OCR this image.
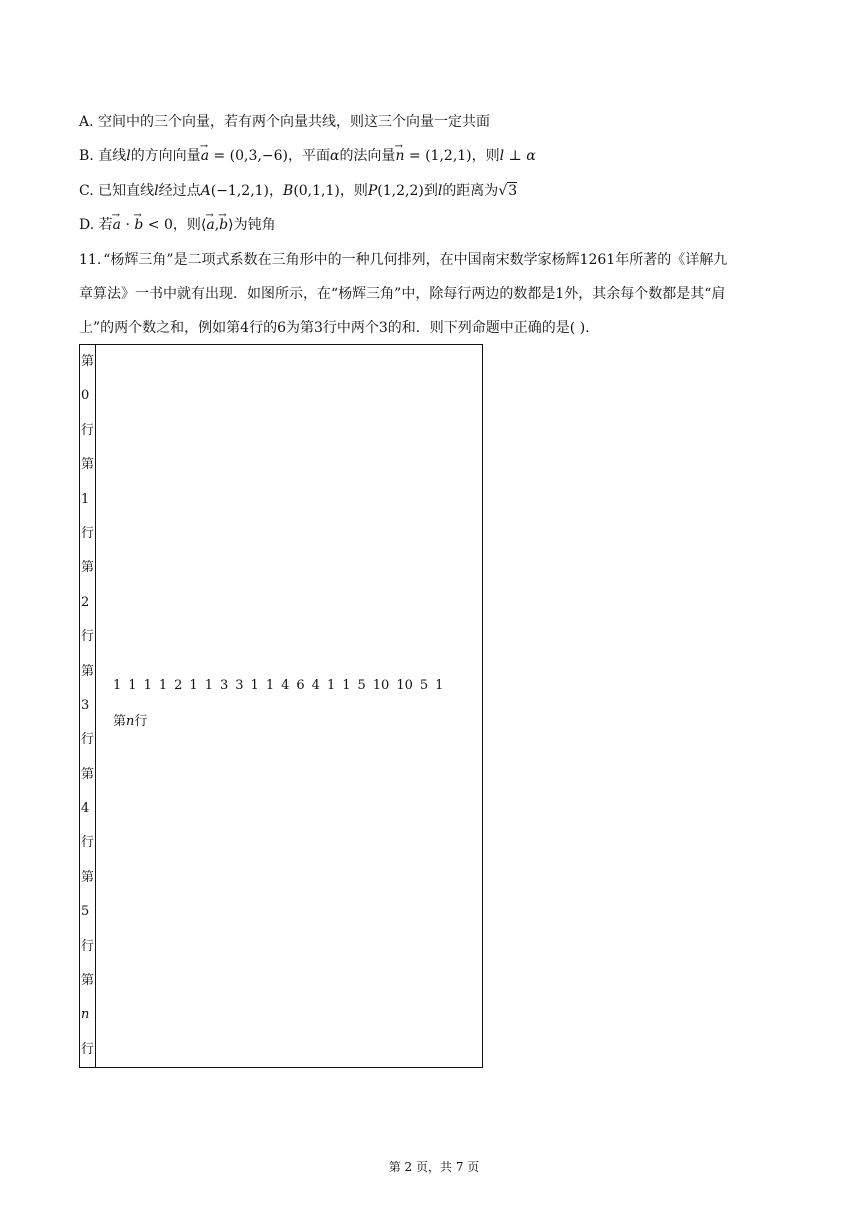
A. 空间中的三个向量，若有两个向量共线，则这三个向量一定共面
B. 直线l的方向向量→ a = (0,3,−6)，平面α的法向量→ n = (1,2,1)，则l ⊥ α
C. 已知直线l经过点A(−1,2,1)，B(0,1,1)，则P(1,2,2)到l的距离为√3
D. 若→ a · → b < 0，则⟨→ a,→ b⟩为钝角
11. “杨辉三角”是二项式系数在三角形中的一种几何排列，在中国南宋数学家杨辉1261年所著的《详解九
章算法》一书中就有出现．如图所示，在“杨辉三角”中，除每行两边的数都是1外，其余每个数都是其“肩
上”的两个数之和，例如第4行的6为第3行中两个3的和．则下列命题中正确的是( ).
第
0
行
第
1
行
第
2
行
第
3
行
第
4
行
第
5
行
第
n
行

1 1 1 1 2 1 1 3 3 1 1 4 6 4 1 1 5 10 10 5 1
第n行
第 2 页，共 7 页
